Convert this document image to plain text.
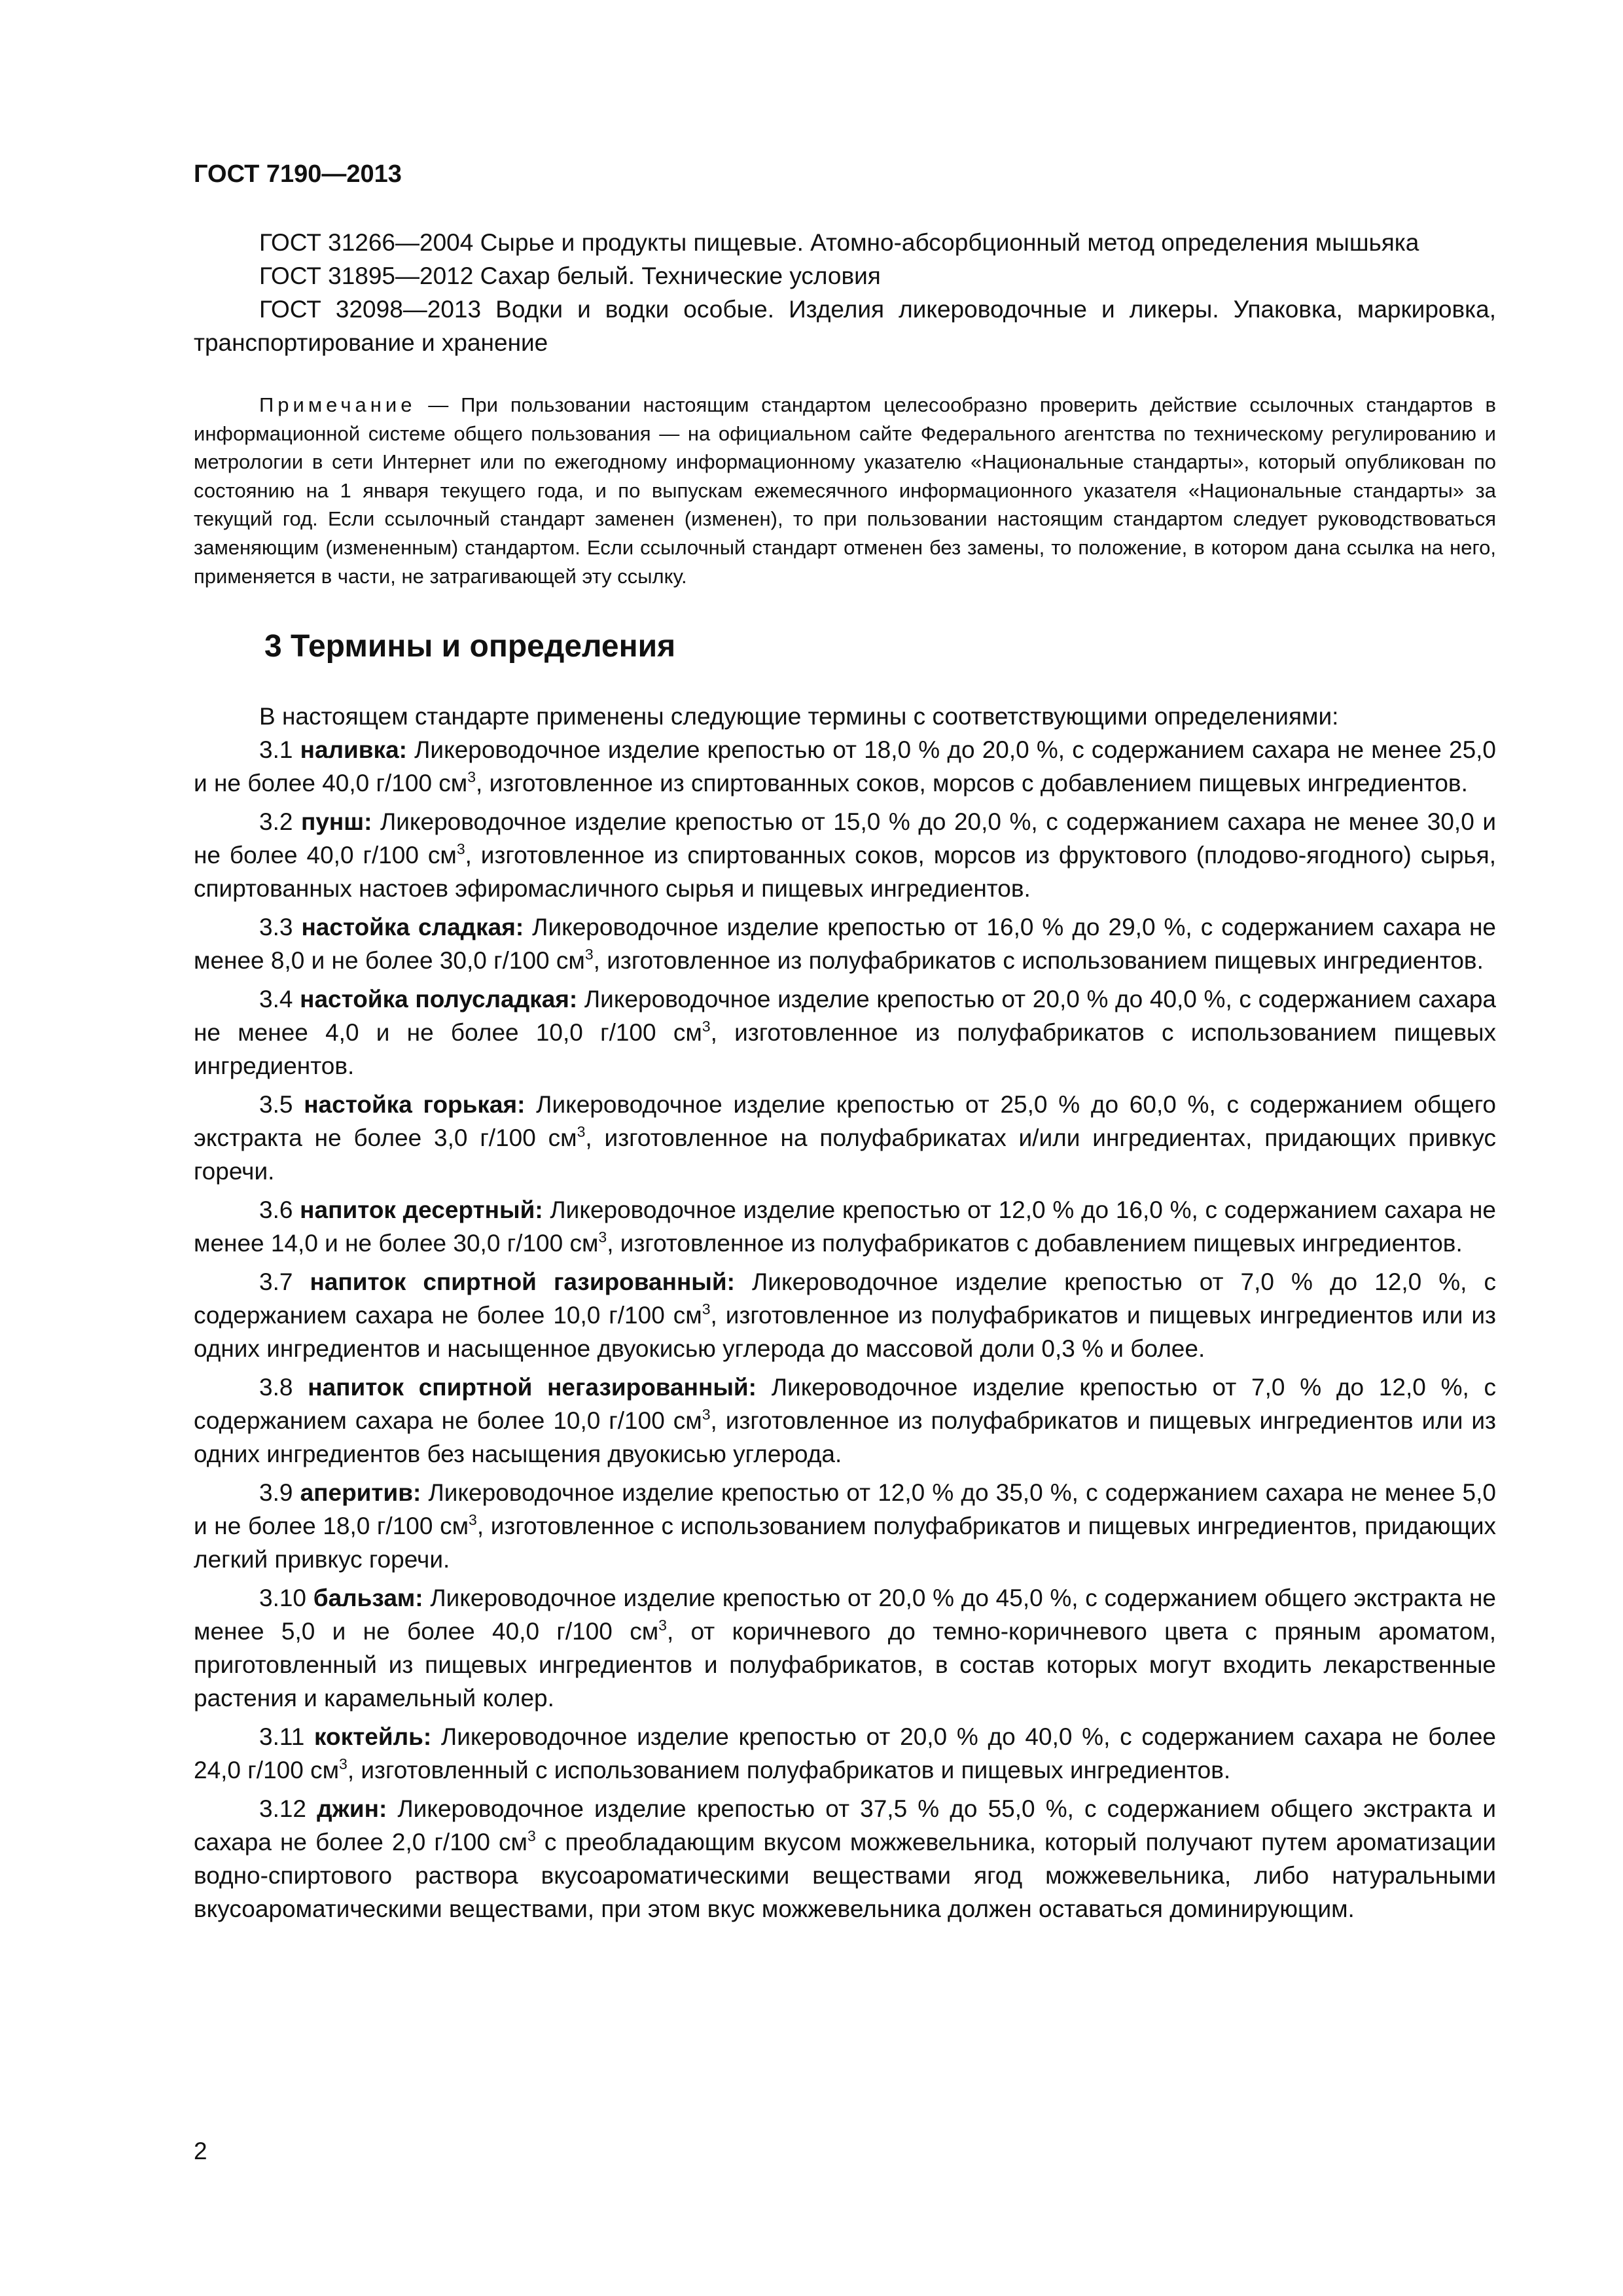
ГОСТ 7190—2013

ГОСТ 31266—2004 Сырье и продукты пищевые. Атомно-абсорбционный метод определения мышьяка

ГОСТ 31895—2012 Сахар белый. Технические условия

ГОСТ 32098—2013 Водки и водки особые. Изделия ликероводочные и ликеры. Упаковка, маркировка, транспортирование и хранение

Примечание — При пользовании настоящим стандартом целесообразно проверить действие ссылочных стандартов в информационной системе общего пользования — на официальном сайте Федерального агентства по техническому регулированию и метрологии в сети Интернет или по ежегодному информационному указателю «Национальные стандарты», который опубликован по состоянию на 1 января текущего года, и по выпускам ежемесячного информационного указателя «Национальные стандарты» за текущий год. Если ссылочный стандарт заменен (изменен), то при пользовании настоящим стандартом следует руководствоваться заменяющим (измененным) стандартом. Если ссылочный стандарт отменен без замены, то положение, в котором дана ссылка на него, применяется в части, не затрагивающей эту ссылку.

3 Термины и определения

В настоящем стандарте применены следующие термины с соответствующими определениями:

3.1 наливка: Ликероводочное изделие крепостью от 18,0 % до 20,0 %, с содержанием сахара не менее 25,0 и не более 40,0 г/100 $см^3$, изготовленное из спиртованных соков, морсов с добавлением пищевых ингредиентов.

3.2 пунш: Ликероводочное изделие крепостью от 15,0 % до 20,0 %, с содержанием сахара не менее 30,0 и не более 40,0 г/100 $см^3$, изготовленное из спиртованных соков, морсов из фруктового (плодово-ягодного) сырья, спиртованных настоев эфиромасличного сырья и пищевых ингредиентов.

3.3 настойка сладкая: Ликероводочное изделие крепостью от 16,0 % до 29,0 %, с содержанием сахара не менее 8,0 и не более 30,0 г/100 $см^3$, изготовленное из полуфабрикатов с использованием пищевых ингредиентов.

3.4 настойка полусладкая: Ликероводочное изделие крепостью от 20,0 % до 40,0 %, с содержанием сахара не менее 4,0 и не более 10,0 г/100 $см^3$, изготовленное из полуфабрикатов с использованием пищевых ингредиентов.

3.5 настойка горькая: Ликероводочное изделие крепостью от 25,0 % до 60,0 %, с содержанием общего экстракта не более 3,0 г/100 $см^3$, изготовленное на полуфабрикатах и/или ингредиентах, придающих привкус горечи.

3.6 напиток десертный: Ликероводочное изделие крепостью от 12,0 % до 16,0 %, с содержанием сахара не менее 14,0 и не более 30,0 г/100 $см^3$, изготовленное из полуфабрикатов с добавлением пищевых ингредиентов.

3.7 напиток спиртной газированный: Ликероводочное изделие крепостью от 7,0 % до 12,0 %, с содержанием сахара не более 10,0 г/100 $см^3$, изготовленное из полуфабрикатов и пищевых ингредиентов или из одних ингредиентов и насыщенное двуокисью углерода до массовой доли 0,3 % и более.

3.8 напиток спиртной негазированный: Ликероводочное изделие крепостью от 7,0 % до 12,0 %, с содержанием сахара не более 10,0 г/100 $см^3$, изготовленное из полуфабрикатов и пищевых ингредиентов или из одних ингредиентов без насыщения двуокисью углерода.

3.9 аперитив: Ликероводочное изделие крепостью от 12,0 % до 35,0 %, с содержанием сахара не менее 5,0 и не более 18,0 г/100 $см^3$, изготовленное с использованием полуфабрикатов и пищевых ингредиентов, придающих легкий привкус горечи.

3.10 бальзам: Ликероводочное изделие крепостью от 20,0 % до 45,0 %, с содержанием общего экстракта не менее 5,0 и не более 40,0 г/100 $см^3$, от коричневого до темно-коричневого цвета с пряным ароматом, приготовленный из пищевых ингредиентов и полуфабрикатов, в состав которых могут входить лекарственные растения и карамельный колер.

3.11 коктейль: Ликероводочное изделие крепостью от 20,0 % до 40,0 %, с содержанием сахара не более 24,0 г/100 $см^3$, изготовленный с использованием полуфабрикатов и пищевых ингредиентов.

3.12 джин: Ликероводочное изделие крепостью от 37,5 % до 55,0 %, с содержанием общего экстракта и сахара не более 2,0 г/100 $см^3$ с преобладающим вкусом можжевельника, который получают путем ароматизации водно-спиртового раствора вкусоароматическими веществами ягод можжевельника, либо натуральными вкусоароматическими веществами, при этом вкус можжевельника должен оставаться доминирующим.

2
